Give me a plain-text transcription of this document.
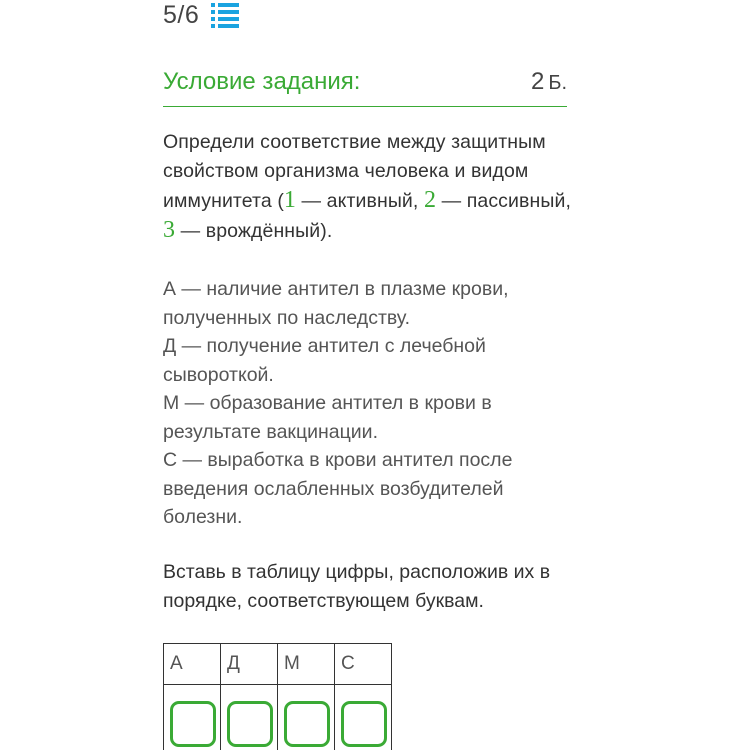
5 / 6
Условие задания:	2 Б.
Определи соответствие между защитным свойством организма человека и видом иммунитета (1 — активный, 2 — пассивный, 3 — врождённый).
А — наличие антител в плазме крови, полученных по наследству.
Д — получение антител с лечебной сывороткой.
М — образование антител в крови в результате вакцинации.
С — выработка в крови антител после введения ослабленных возбудителей болезни.
Вставь в таблицу цифры, расположив их в порядке, соответствующем буквам.
А	Д	М	С
